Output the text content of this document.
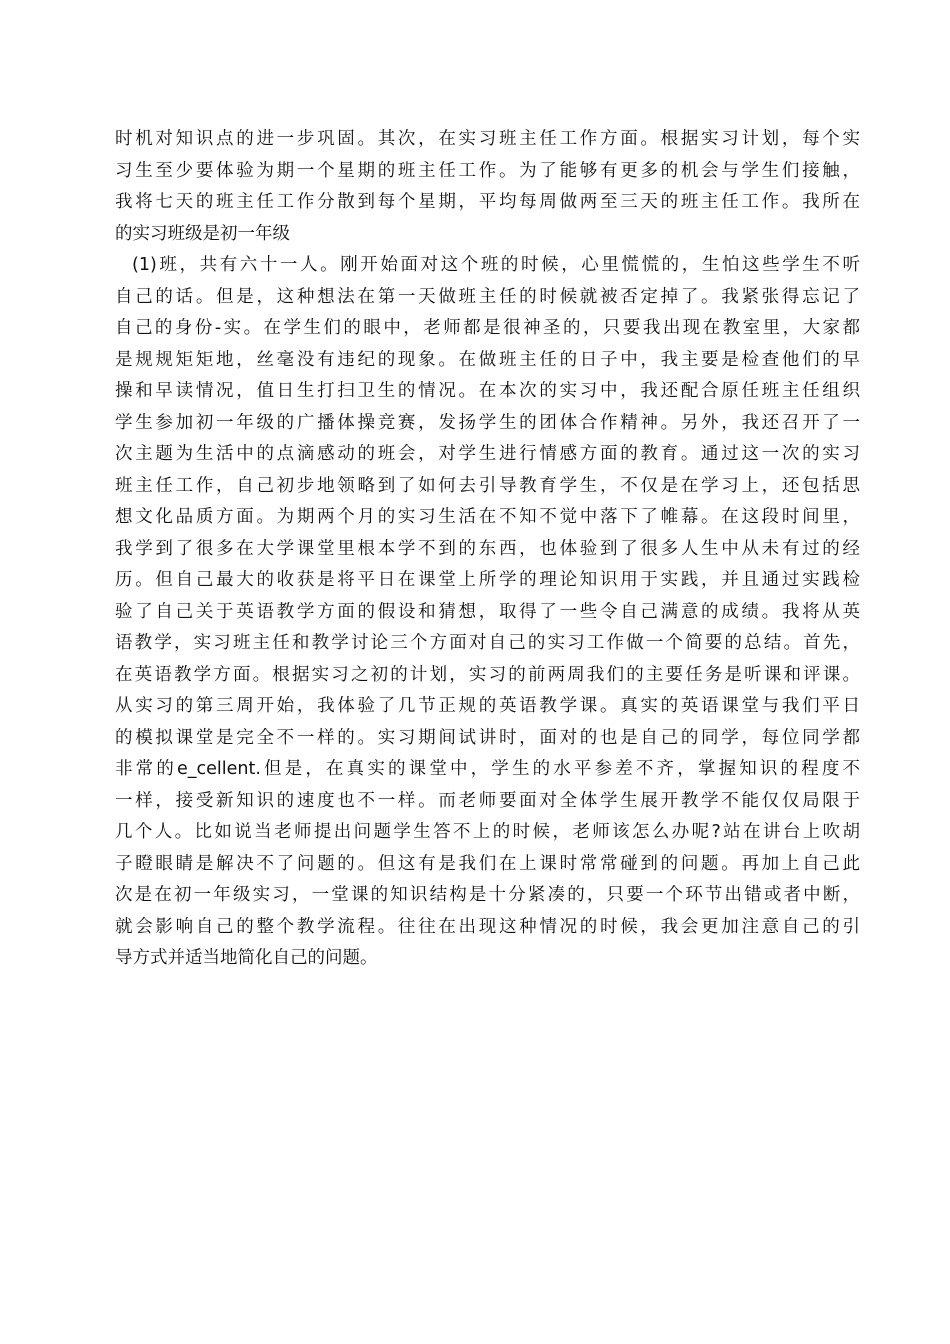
时机对知识点的进一步巩固。其次，在实习班主任工作方面。根据实习计划，每个实
习生至少要体验为期一个星期的班主任工作。为了能够有更多的机会与学生们接触，
我将七天的班主任工作分散到每个星期，平均每周做两至三天的班主任工作。我所在
的实习班级是初一年级
(1)班，共有六十一人。刚开始面对这个班的时候，心里慌慌的，生怕这些学生不听
自己的话。但是，这种想法在第一天做班主任的时候就被否定掉了。我紧张得忘记了
自己的身份-实。在学生们的眼中，老师都是很神圣的，只要我出现在教室里，大家都
是规规矩矩地，丝毫没有违纪的现象。在做班主任的日子中，我主要是检查他们的早
操和早读情况，值日生打扫卫生的情况。在本次的实习中，我还配合原任班主任组织
学生参加初一年级的广播体操竞赛，发扬学生的团体合作精神。另外，我还召开了一
次主题为生活中的点滴感动的班会，对学生进行情感方面的教育。通过这一次的实习
班主任工作，自己初步地领略到了如何去引导教育学生，不仅是在学习上，还包括思
想文化品质方面。为期两个月的实习生活在不知不觉中落下了帷幕。在这段时间里，
我学到了很多在大学课堂里根本学不到的东西，也体验到了很多人生中从未有过的经
历。但自己最大的收获是将平日在课堂上所学的理论知识用于实践，并且通过实践检
验了自己关于英语教学方面的假设和猜想，取得了一些令自己满意的成绩。我将从英
语教学，实习班主任和教学讨论三个方面对自己的实习工作做一个简要的总结。首先，
在英语教学方面。根据实习之初的计划，实习的前两周我们的主要任务是听课和评课。
从实习的第三周开始，我体验了几节正规的英语教学课。真实的英语课堂与我们平日
的模拟课堂是完全不一样的。实习期间试讲时，面对的也是自己的同学，每位同学都
非常的e_cellent.但是，在真实的课堂中，学生的水平参差不齐，掌握知识的程度不
一样，接受新知识的速度也不一样。而老师要面对全体学生展开教学不能仅仅局限于
几个人。比如说当老师提出问题学生答不上的时候，老师该怎么办呢?站在讲台上吹胡
子瞪眼睛是解决不了问题的。但这有是我们在上课时常常碰到的问题。再加上自己此
次是在初一年级实习，一堂课的知识结构是十分紧凑的，只要一个环节出错或者中断，
就会影响自己的整个教学流程。往往在出现这种情况的时候，我会更加注意自己的引
导方式并适当地简化自己的问题。
